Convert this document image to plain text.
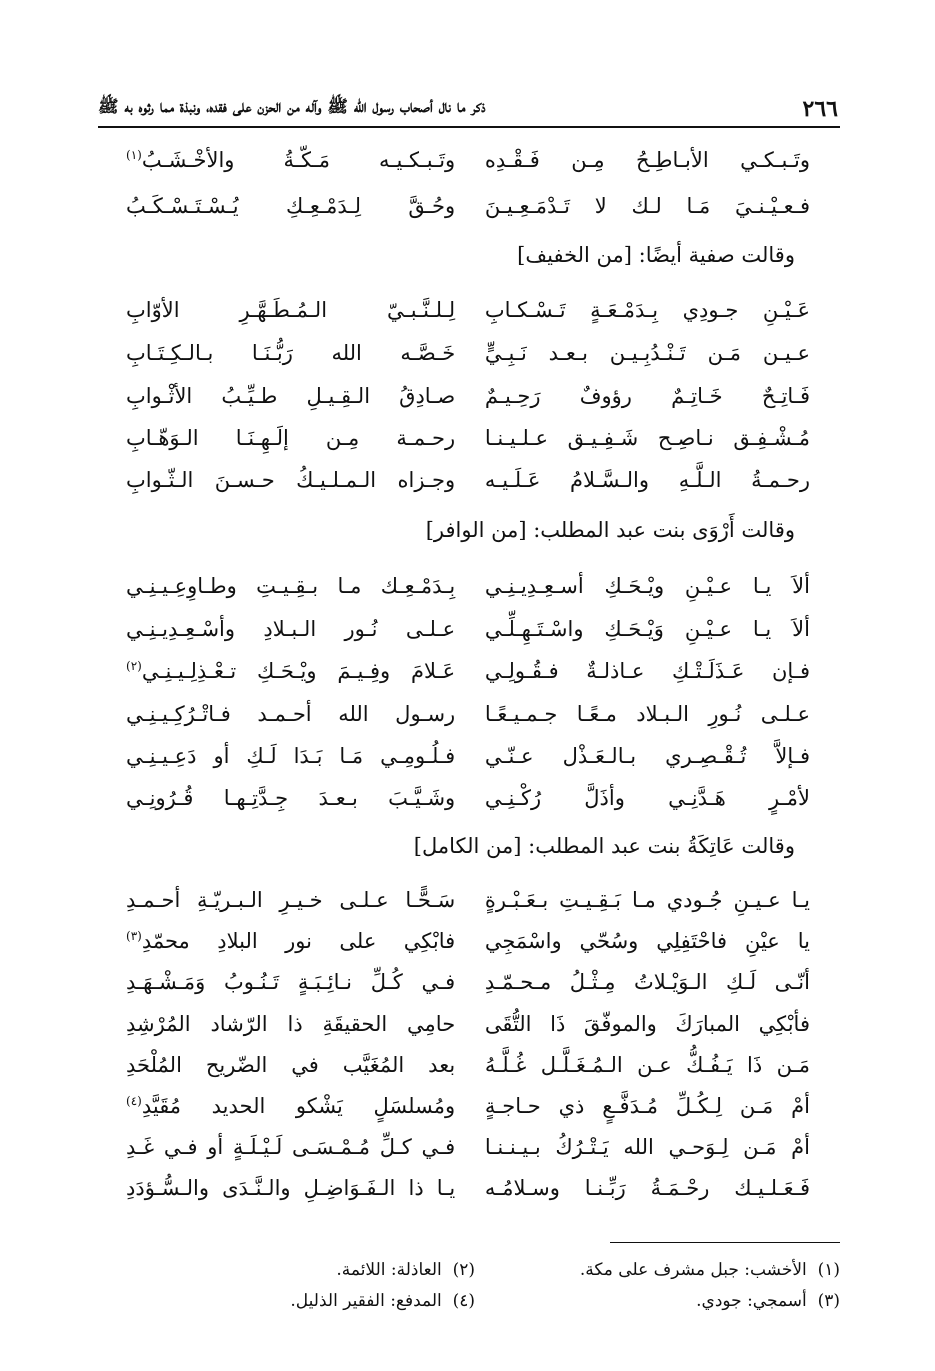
٢٦٦
ذكر ما نال أصحاب رسول الله ﷺ وآله من الحزن على فقده، ونبذة مما رثوه به ﷺ
وتَـبـكـي الأبـاطِـحُ مِـن فَـقْـدِه
وتَـبـكـيـه مَـكّـةُ والأخْـشَـبُ$^{(١)}$
فـعـيْـنـيَ مَـا لـك لا تَـدْمَـعِـيـنَ
وحُـقَّ لِـدَمْـعِـكِ يُـسْـتَـسْـكَـبُ
وقالت صفية أيضًا: [من الخفيف]
عَـيْـنِ جـودِي بِـدَمْـعَـةٍ تَـسْـكـابِ
لِـلـنَّـبـيّ الـمُـطَـهَّـرِ الأوّابِ
عـيـن مَـن تَـنْـدُبِـيـن بـعـد نَـبِـيٍّ
خَـصَّـه الله رَبُّـنَـا بـالـكِـتَـابِ
فَـاتِـحٌ خَـاتِـمٌ رؤوفٌ رَحِـيـمٌ
صـادِقُ الـقِـيـلِ طـيِّـبُ الأثْـوابِ
مُـشْـفِـق نـاصِـح شَـفِـيـق عـلـيـنـا
رحـمـة مِـن إلَـهِـنَـا الـوَهّـابِ
رحـمـةُ الـلَّـهِ والـسَّـلامُ عَـلَـيـه
وجـزاه الـمـلـيـكُ حـسـنَ الـثّـوابِ
وقالت أَرْوَى بنت عبد المطلب: [من الوافر]
ألاَ يـا عـيْـنِ ويْـحَـكِ أسـعِـدِيـنِـي
بِـدَمْـعِـك مـا بـقِـيـتِ وطـاوِعِـيـنِـي
ألاَ يـا عـيْـنِ وَيْـحَـكِ واسْـتَـهِـلِّـي
عـلـى نُـور الـبـلادِ وأسْـعِـدِيـنِـي
فـإن عَـذَلَـتْـكِ عـاذلـةٌ فـقُـولِـي
عَـلامَ وفِـيـمَ ويْـحَـكِ تـعْـذِلِـيـنِـي$^{(٢)}$
عـلـى نُـورِ الـبـلاد مـعًـا جـمـيـعًـا
رسـول الله أحـمـد فـاتْـرُكِـيـنِـي
فـإلاَّ تُـقْـصِـري بـالـعَـذْل عـنّـي
فـلُـومِـي مَـا بَـدَا لَـكِ أو دَعِـيـنِـي
لأمْـرٍ هَـدَّنِـي وأذَلَّ رُكْـنِـي
وشَـيَّـبَ بـعـدَ جِـدَّتِـهـا قُـرُونِـي
وقالت عَاتِكَةُ بنت عبد المطلب: [من الكامل]
يـا عـيـنِ جُـودي مـا بَـقِـيـتِ بـعَـبْـرةٍ
سَـحًّـا عـلـى خـيـرِ الـبـريّـةِ أحـمـدِ
يا عيْنِ فاحْتَفِلِي وسُحّي واسْمَجِي
فابْكِي على نور البلادِ محمّدِ$^{(٣)}$
أنّـى لَـكِ الـوَيْـلاتُ مِـثْـلُ مـحـمّـدِ
فـي كُـلِّ نـائِـبَـةٍ تَـنُـوبُ وَمَـشْـهَـدِ
فأبْكِي المبارَكَ والموفّقَ ذَا التُّقَى
حامِي الحقيقَةِ ذا الرّشاد المُرْشِدِ
مَـن ذَا يَـفُـكُّ عـن الـمُـغَـلَّـل غُـلَّـهُ
بعد المُغَيَّب في الضّريح المُلْحَدِ
أمْ مَـن لِـكُـلِّ مُـدَفَّـعٍ ذي حـاجـةٍ
ومُسلسَلٍ يَشْكو الحديد مُقَيَّدِ$^{(٤)}$
أمْ مَـن لِـوَحـي الله يَـتْـرُكُ بـيـنـنـا
فـي كـلِّ مُـمْـسَـى لَـيْـلَـةٍ أو فـي غَـدِ
فَـعَـلـيـك رحْـمَـةُ رَبِّـنـا وسـلامُـه
يـا ذا الـفَـوَاضِـلِ والـنَّـدَى والـسُّـؤدَدِ
(١)  الأخشب: جبل مشرف على مكة.
(٢)  العاذلة: اللائمة.
(٣)  أسمجي: جودي.
(٤)  المدفع: الفقير الذليل.
